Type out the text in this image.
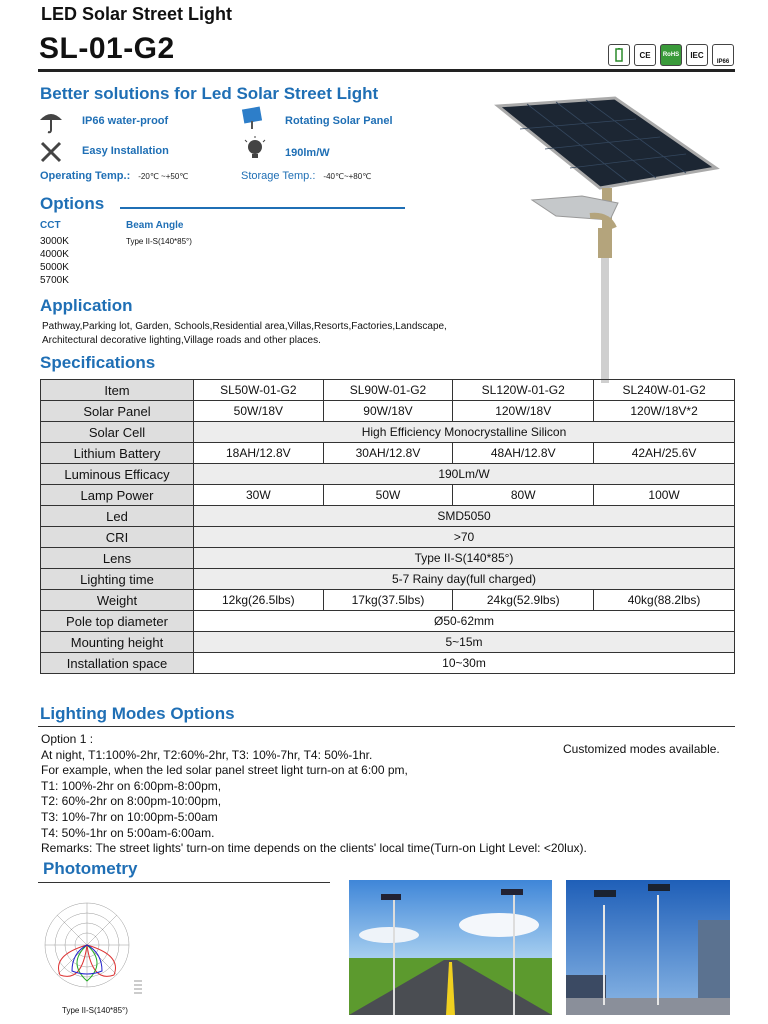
LED Solar Street Light
SL-01-G2	CE	RoHS	IEC
IP66
Better solutions for Led Solar Street Light
IP66 water-proof	Rotating Solar Panel
Easy Installation	190lm/W
Operating Temp.: -20℃ ~+50℃	Storage Temp.: -40℃~+80℃
Options
CCT
3000K
4000K
5000K
5700K
Beam Angle
Type II-S(140*85°)
Application
Pathway,Parking lot, Garden, Schools,Residential area,Villas,Resorts,Factories,Landscape,
Architectural decorative lighting,Village roads and other places.
Specifications
Item	SL50W-01-G2	SL90W-01-G2	SL120W-01-G2	SL240W-01-G2
Solar Panel	50W/18V	90W/18V	120W/18V	120W/18V*2
Solar Cell	High Efficiency Monocrystalline Silicon			
Lithium Battery	18AH/12.8V	30AH/12.8V	48AH/12.8V	42AH/25.6V
Luminous Efficacy	190Lm/W			
Lamp Power	30W	50W	80W	100W
Led	SMD5050			
CRI	>70			
Lens	Type II-S(140*85°)			
Lighting time	5-7 Rainy day(full charged)			
Weight	12kg(26.5lbs)	17kg(37.5lbs)	24kg(52.9lbs)	40kg(88.2lbs)
Pole top diameter	Ø50-62mm			
Mounting height	5~15m			
Installation space	10~30m			
Lighting Modes Options
Option 1 :
At night, T1:100%-2hr, T2:60%-2hr, T3: 10%-7hr, T4: 50%-1hr.
For example, when the led solar panel street light turn-on at 6:00 pm,
T1: 100%-2hr on 6:00pm-8:00pm,
T2: 60%-2hr on 8:00pm-10:00pm,
T3: 10%-7hr on 10:00pm-5:00am
T4: 50%-1hr on 5:00am-6:00am.
Remarks: The street lights' turn-on time depends on the clients' local time(Turn-on Light Level: <20lux).
Customized modes available.
Photometry
Type II-S(140*85°)
